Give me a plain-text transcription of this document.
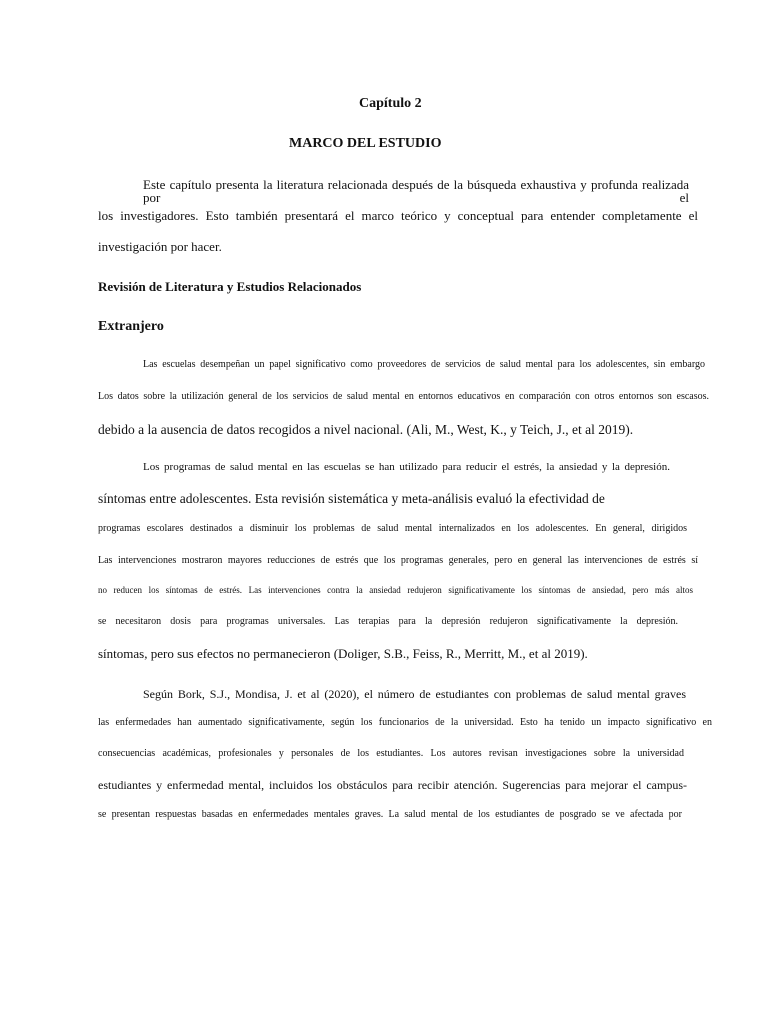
Capítulo 2
MARCO DEL ESTUDIO
Este capítulo presenta la literatura relacionada después de la búsqueda exhaustiva y profunda realizada por el
los investigadores. Esto también presentará el marco teórico y conceptual para entender completamente el
investigación por hacer.
Revisión de Literatura y Estudios Relacionados
Extranjero
Las escuelas desempeñan un papel significativo como proveedores de servicios de salud mental para los adolescentes, sin embargo
Los datos sobre la utilización general de los servicios de salud mental en entornos educativos en comparación con otros entornos son escasos.
debido a la ausencia de datos recogidos a nivel nacional. (Ali, M., West, K., y Teich, J., et al 2019).
Los programas de salud mental en las escuelas se han utilizado para reducir el estrés, la ansiedad y la depresión.
síntomas entre adolescentes. Esta revisión sistemática y meta-análisis evaluó la efectividad de
programas escolares destinados a disminuir los problemas de salud mental internalizados en los adolescentes. En general, dirigidos
Las intervenciones mostraron mayores reducciones de estrés que los programas generales, pero en general las intervenciones de estrés sí
no reducen los síntomas de estrés. Las intervenciones contra la ansiedad redujeron significativamente los síntomas de ansiedad, pero más altos
se necesitaron dosis para programas universales. Las terapias para la depresión redujeron significativamente la depresión.
síntomas, pero sus efectos no permanecieron (Doliger, S.B., Feiss, R., Merritt, M., et al 2019).
Según Bork, S.J., Mondisa, J. et al (2020), el número de estudiantes con problemas de salud mental graves
las enfermedades han aumentado significativamente, según los funcionarios de la universidad. Esto ha tenido un impacto significativo en
consecuencias académicas, profesionales y personales de los estudiantes. Los autores revisan investigaciones sobre la universidad
estudiantes y enfermedad mental, incluidos los obstáculos para recibir atención. Sugerencias para mejorar el campus-
se presentan respuestas basadas en enfermedades mentales graves. La salud mental de los estudiantes de posgrado se ve afectada por
